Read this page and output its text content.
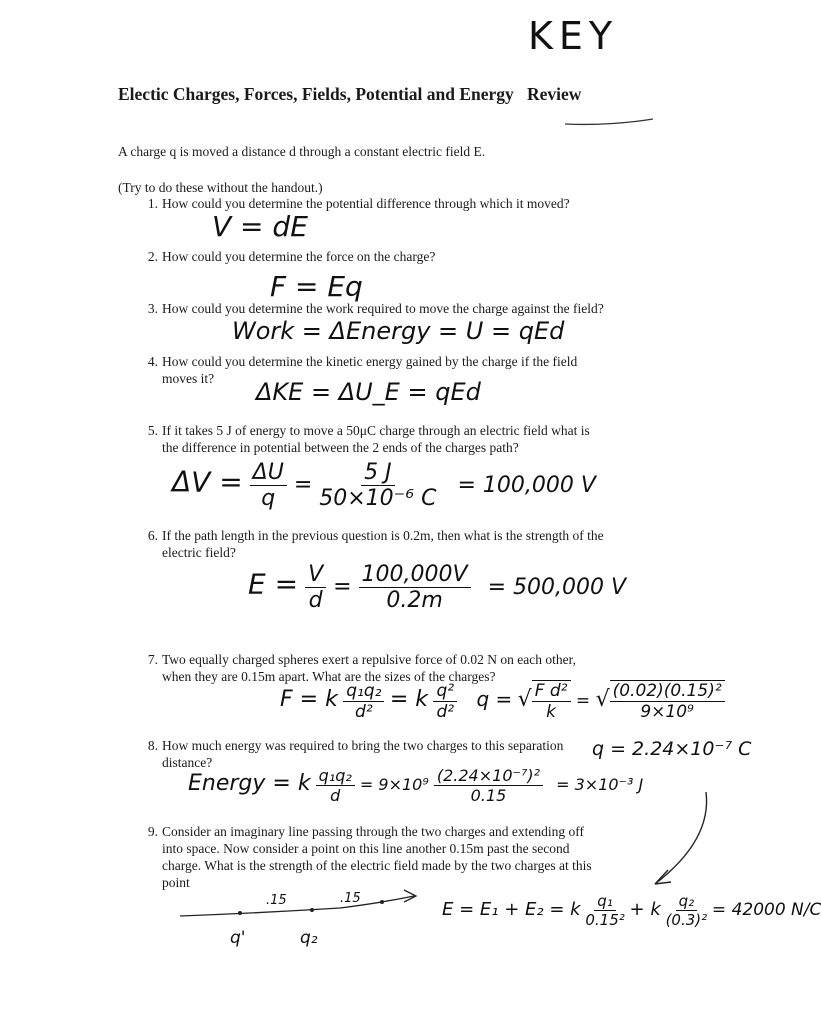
KEY
Electic Charges, Forces, Fields, Potential and Energy Review
A charge q is moved a distance d through a constant electric field E.
(Try to do these without the handout.)
1. How could you determine the potential difference through which it moved?
V = dE
2. How could you determine the force on the charge?
F = Eq
3. How could you determine the work required to move the charge against the field?
Work = ΔEnergy = U = qEd
4. How could you determine the kinetic energy gained by the charge if the field
moves it?	ΔKE = ΔU_E = qEd
5. If it takes 5 J of energy to move a 50μC charge through an electric field what is
the difference in potential between the 2 ends of the charges path?
$\Delta V = \frac{\Delta U}{q} = \frac{5 J}{\text{50×10⁻⁶ C}} = 100,000$ V
6. If the path length in the previous question is 0.2m, then what is the strength of the
electric field?
$E = \frac{V}{d} = \frac{100,000V}{0.2m} = 500,000$ V
7. Two equally charged spheres exert a repulsive force of 0.02 N on each other,
when they are 0.15m apart. What are the sizes of the charges?
F = k $\frac{\text{q₁q₂}}{\text{d²}} = k \frac{\text{q²}}{\text{d²}}$ q = √ $\frac{\text{F d²}}{k}$ = √ $\frac{\text{(0.02)(0.15)²}}{\text{9×10⁹}}$
8. How much energy was required to bring the two charges to this separation
distance?
q = 2.24×10⁻⁷ C
Energy = k $\frac{\text{q₁q₂}}{d} = 9\times 10^9 \frac{\text{(2.24×10⁻⁷)²}}{0.15} = 3\times 10^{-3}$ J
9. Consider an imaginary line passing through the two charges and extending off
into space. Now consider a point on this line another 0.15m past the second
charge. What is the strength of the electric field made by the two charges at this
point
.15	.15
q'	q₂
E = E₁ + E₂ = k $\frac{\text{q₁}}{\text{0.15²}} + k \frac{\text{q₂}}{\text{(0.3)²}} = 42000$ N/C
